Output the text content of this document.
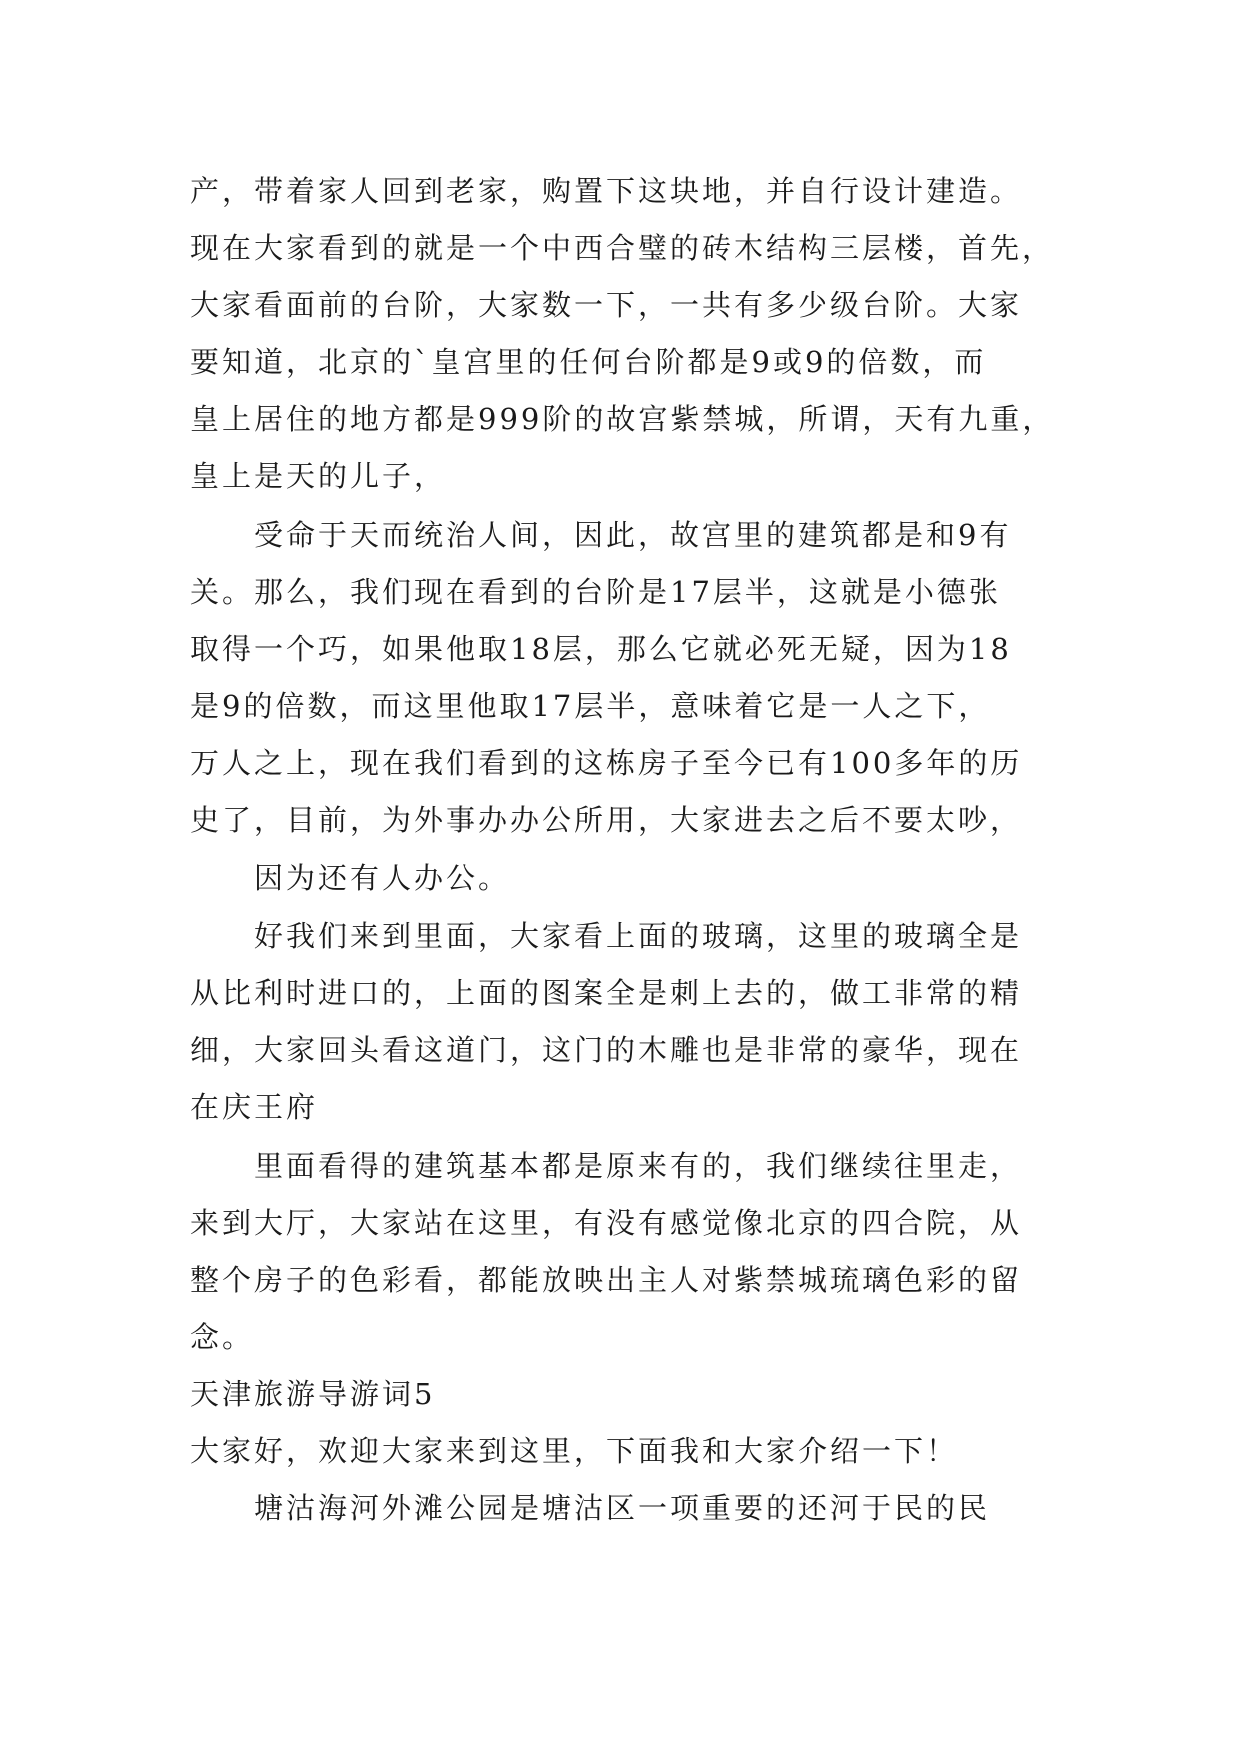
产，带着家人回到老家，购置下这块地，并自行设计建造。
现在大家看到的就是一个中西合璧的砖木结构三层楼，首先，
大家看面前的台阶，大家数一下，一共有多少级台阶。大家
要知道，北京的`皇宫里的任何台阶都是9或9的倍数，而
皇上居住的地方都是999阶的故宫紫禁城，所谓，天有九重，
皇上是天的儿子，
受命于天而统治人间，因此，故宫里的建筑都是和9有
关。那么，我们现在看到的台阶是17层半，这就是小德张
取得一个巧，如果他取18层，那么它就必死无疑，因为18
是9的倍数，而这里他取17层半，意味着它是一人之下，
万人之上，现在我们看到的这栋房子至今已有100多年的历
史了，目前，为外事办办公所用，大家进去之后不要太吵，
因为还有人办公。
好我们来到里面，大家看上面的玻璃，这里的玻璃全是
从比利时进口的，上面的图案全是刺上去的，做工非常的精
细，大家回头看这道门，这门的木雕也是非常的豪华，现在
在庆王府
里面看得的建筑基本都是原来有的，我们继续往里走，
来到大厅，大家站在这里，有没有感觉像北京的四合院，从
整个房子的色彩看，都能放映出主人对紫禁城琉璃色彩的留
念。
天津旅游导游词5
大家好，欢迎大家来到这里，下面我和大家介绍一下！
塘沽海河外滩公园是塘沽区一项重要的还河于民的民
